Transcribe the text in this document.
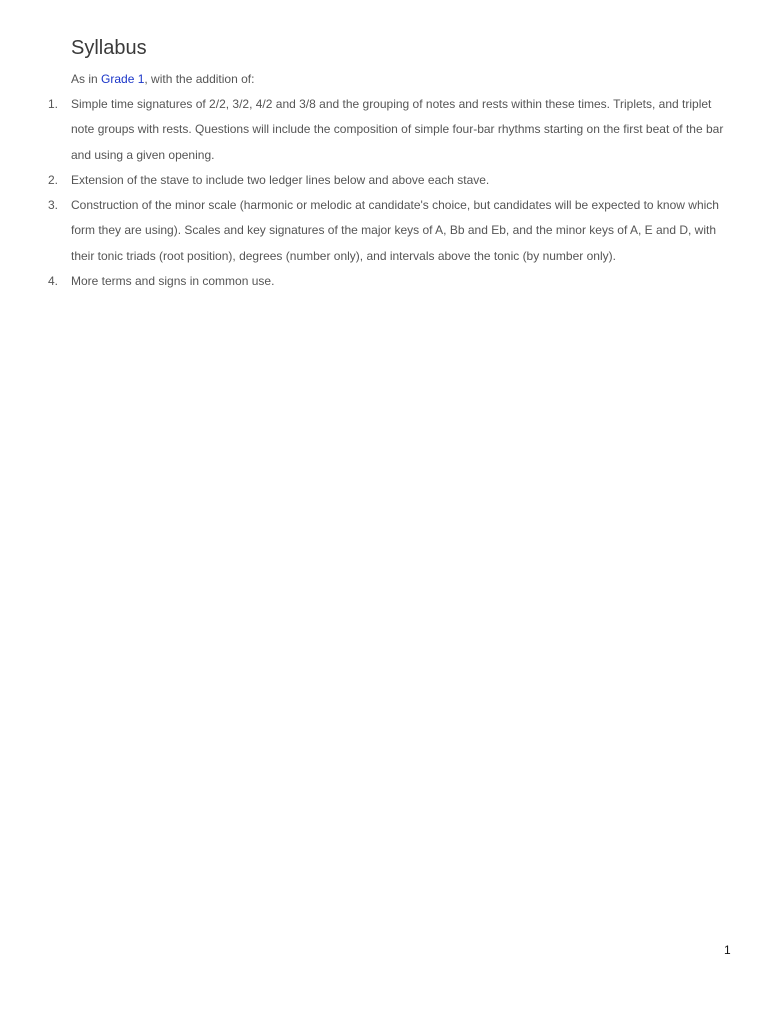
Syllabus

As in Grade 1, with the addition of:

1.	Simple time signatures of 2/2, 3/2, 4/2 and 3/8 and the grouping of notes and rests within these times. Triplets, and triplet note groups with rests. Questions will include the composition of simple four-bar rhythms starting on the first beat of the bar and using a given opening.
2.	Extension of the stave to include two ledger lines below and above each stave.
3.	Construction of the minor scale (harmonic or melodic at candidate's choice, but candidates will be expected to know which form they are using). Scales and key signatures of the major keys of A, Bb and Eb, and the minor keys of A, E and D, with their tonic triads (root position), degrees (number only), and intervals above the tonic (by number only).
4.	More terms and signs in common use.
1
